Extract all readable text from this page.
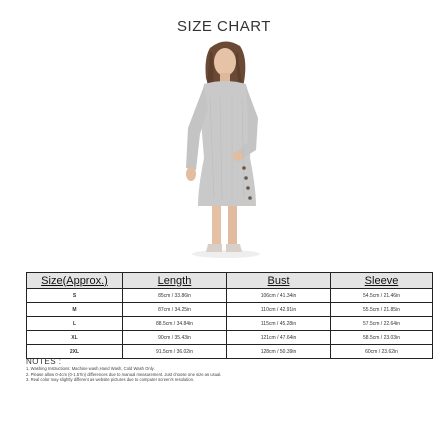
SIZE CHART
Size(Approx.)	Length	Bust	Sleeve
S	85cm / 33.86in	106cm / 41.34in	54.5cm / 21.46in
M	87cm / 34.25in	110cm / 42.91in	55.5cm / 21.85in
L	88.5cm / 34.84in	115cm / 45.28in	57.5cm / 22.64in
XL	90cm / 35.43in	121cm / 47.64in	58.5cm / 23.03in
2XL	91.5cm / 36.02in	128cm / 50.39in	60cm / 23.62in
NOTES :
1. Washing Instructions: Machine wash,Hand Wash, Cold Wash Only.
2. Please allow 0-4cm (0-1.57in) differences due to manual measurement. Just choose one size as usual.
3. Real color may slightly different as website pictures due to computer screen's resolution.
